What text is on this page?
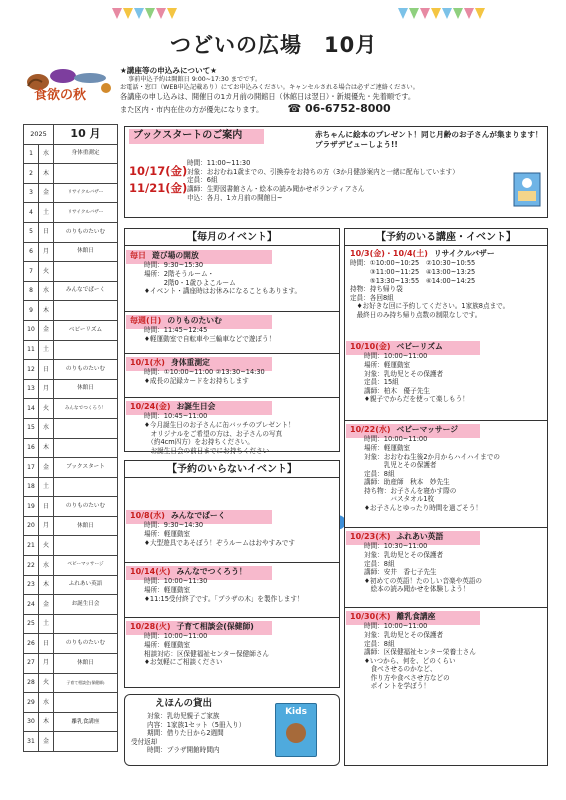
つどいの広場　10月
食欲の秋
★講座等の申込みについて★
事前申込予約は開館日 9:00~17:30 までです。
お電話・窓口（WEB申込記載あり）にてお申込みください。キャンセルされる場合は必ずご連絡ください。
各講座の申し込みは、開催日の1カ月前の開館日（休館日は翌日）・新規優先・先着順です。
また区内・市内在住の方が優先になります。 ☎ 06-6752-8000
2025		10 月
1	水	身体重測定
2	木	
3	金	リサイクルバザー
4	土	リサイクルバザー
5	日	のりものたいむ
6	月	休館日
7	火	
8	水	みんなでぱーく
9	木	
10	金	ベビーリズム
11	土	
12	日	のりものたいむ
13	月	休館日
14	火	みんなでつくろう！
15	水	
16	木	
17	金	ブックスタート
18	土	
19	日	のりものたいむ
20	月	休館日
21	火	
22	水	ベビーマッサージ
23	木	ふれあい英語
24	金	お誕生日会
25	土	
26	日	のりものたいむ
27	月	休館日
28	火	子育て相談会(保健師)
29	水	
30	木	離乳食講座
31	金	
ブックスタートのご案内	赤ちゃんに絵本のプレゼント！同じ月齢のお子さんが集まります！プラザデビューしよう!!
10/17(金)
11/21(金)
時間：11:00~11:30
対象：おおむね1歳までの、引換券をお持ちの方（3か月健診案内と一緒に配布しています）
定員：6組
講師：生野図書館さん・絵本の読み聞かせボランティアさん
申込：各月、1カ月前の開館日~
【毎月のイベント】
毎日 遊び場の開放
時間：9:30~15:30
場所：2階そうルーム・
　　　2階0・1歳ひよこルーム
♦イベント・講座時はお休みになることもあります。
毎週(日) のりものたいむ
時間：11:45~12:45
♦軽運動室で自転車や三輪車などで遊ぼう！
10/1(水) 身体重測定
時間：①10:00~11:00 ②13:30~14:30
♦成長の記録カードをお持ちします
10/24(金) お誕生日会
時間：10:45~11:00
♦今月誕生日のお子さんに缶バッチのプレゼント！
　オリジナルをご希望の方は、お子さんの写真
　（約4cm四方）をお持ちください。
　お誕生日会の前日までにお持ちください
【予約のいらないイベント】
10/8(水) みんなでぱーく
時間：9:30~14:30
場所：軽運動室
♦大型遊具であそぼう！ぞうルームはおやすみです
10/14(火) みんなでつくろう！
時間：10:00~11:30
場所：軽運動室
♦11:15受付終了です。「プラザの木」を製作します！
10/28(火) 子育て相談会(保健師)
時間：10:00~11:00
場所：軽運動室
相談対応：区保健福祉センター保健師さん
♦お気軽にご相談ください
えほんの貸出
対象：乳幼児親子ご家族
内容：1家族1セット（5冊入り）
期間：借りた日から2週間
受付返却
時間：プラザ開館時間内
Kids
【予約のいる講座・イベント】
10/3(金)・10/4(土) リサイクルバザー
時間：①10:00~10:25　②10:30~10:55
　　　③11:00~11:25　④13:00~13:25
　　　⑤13:30~13:55　⑥14:00~14:25
持物：持ち帰り袋
定員：各回8組
　♦お好きな回に予約してください。1家族8点まで。
　最終日のみ持ち帰り点数の制限なしです。
10/10(金) ベビーリズム
時間：10:00~11:00
場所：軽運動室
対象：乳幼児とその保護者
定員：15組
講師：柏木　優子先生
♦親子でからだを使って楽しもう！
10/22(水) ベビーマッサージ
時間：10:00~11:00
場所：軽運動室
対象：おおむね生後2か月からハイハイまでの
　　　乳児とその保護者
定員：8組
講師：助産師　秋本　妙先生
持ち物：お子さんを寝かす際の
　　　　バスタオル1枚
♦お子さんとゆったり時間を過ごそう！
10/23(木) ふれあい英語
時間：10:30~11:00
対象：乳幼児とその保護者
定員：8組
講師：安井　香七子先生
♦初めての英語！たのしい音楽や英語の
　絵本の読み聞かせを体験しよう！
10/30(木) 離乳食講座
時間：10:00~11:00
対象：乳幼児とその保護者
定員：8組
講師：区保健福祉センター栄養士さん
♦いつから、何を、どのくらい
　食べさせるのかなど、
　作り方や食べさせ方などの
　ポイントを学ぼう！
